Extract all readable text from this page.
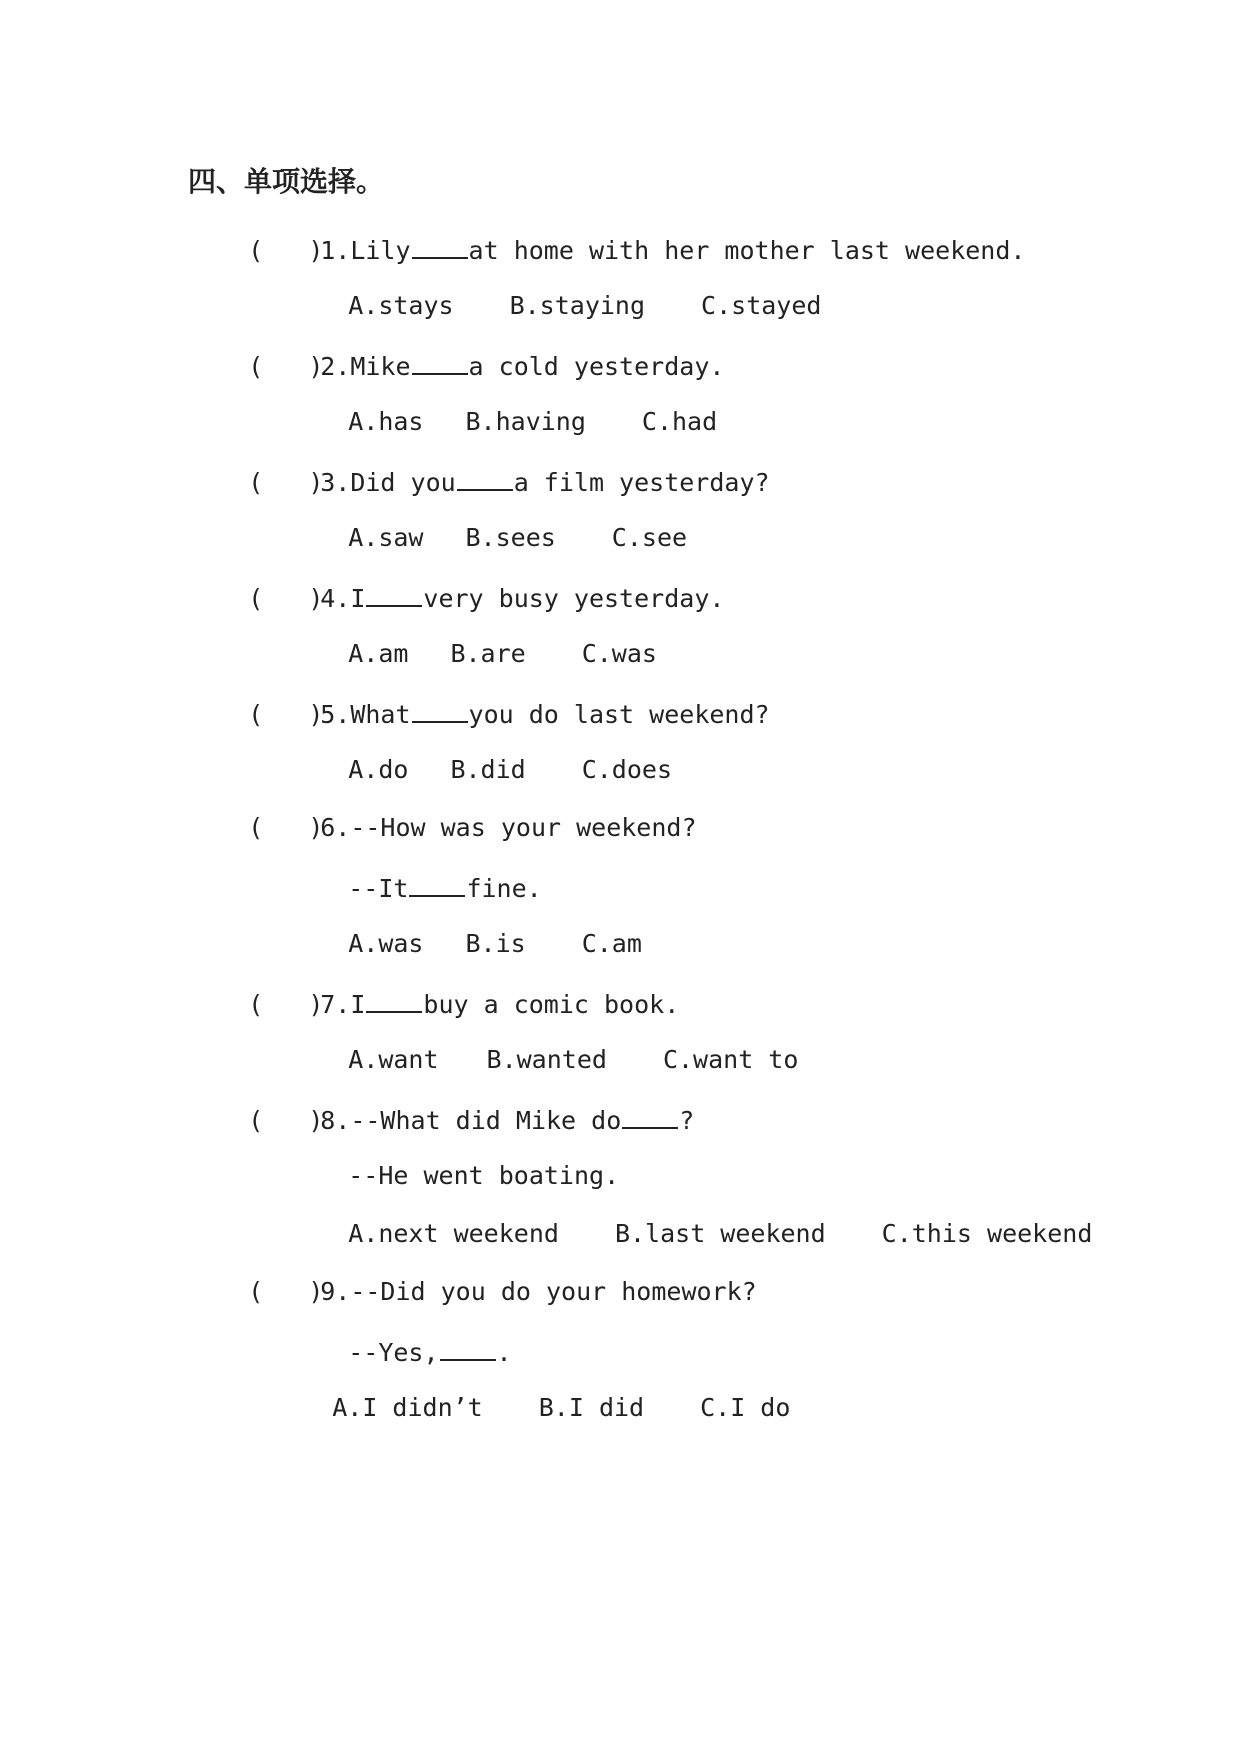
四、单项选择。

(   )1.Lily at home with her mother last weekend.

A.stays B.staying C.stayed

(   )2.Mike a cold yesterday.

A.has B.having C.had

(   )3.Did you a film yesterday?

A.saw B.sees C.see

(   )4.I very busy yesterday.

A.am B.are C.was

(   )5.What you do last weekend?

A.do B.did C.does

(   )6.--How was your weekend?

--It fine.

A.was B.is C.am

(   )7.I buy a comic book.

A.want B.wanted C.want to

(   )8.--What did Mike do ?

--He went boating.

A.next weekend B.last weekend C.this weekend

(   )9.--Did you do your homework?

--Yes, .

A.I didn’t B.I did C.I do
